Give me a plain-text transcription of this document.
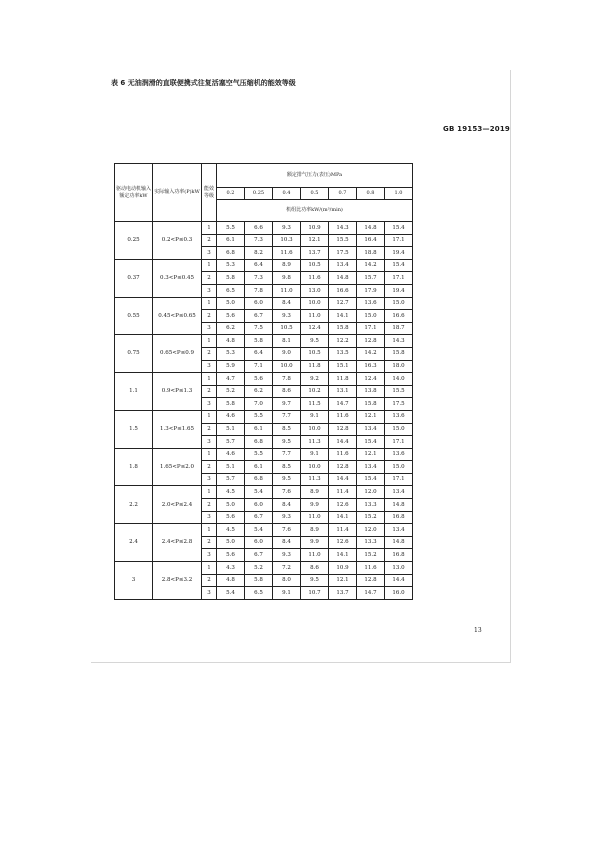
GB 19153—2019
表 6 无油润滑的直联便携式往复活塞空气压缩机的能效等级
驱动电动机输入额定功率kW	实际输入功率(P)kW	能效等级	额定排气压力(表压)MPa						
			0.2	0.25	0.4	0.5	0.7	0.8	1.0
			机组比功率kW/(m³/min)						
0.25	0.2<P≤0.3	1	5.5	6.6	9.3	10.9	14.3	14.8	15.4
		2	6.1	7.3	10.3	12.1	15.5	16.4	17.1
		3	6.8	8.2	11.6	13.7	17.5	18.8	19.4
0.37	0.3<P≤0.45	1	5.3	6.4	8.9	10.5	13.4	14.2	15.4
		2	5.8	7.3	9.8	11.6	14.8	15.7	17.1
		3	6.5	7.8	11.0	13.0	16.6	17.9	19.4
0.55	0.45<P≤0.65	1	5.0	6.0	8.4	10.0	12.7	13.6	15.0
		2	5.6	6.7	9.3	11.0	14.1	15.0	16.6
		3	6.2	7.5	10.5	12.4	15.8	17.1	18.7
0.75	0.65<P≤0.9	1	4.8	5.8	8.1	9.5	12.2	12.8	14.3
		2	5.3	6.4	9.0	10.5	13.5	14.2	15.8
		3	5.9	7.1	10.0	11.8	15.1	16.3	18.0
1.1	0.9<P≤1.3	1	4.7	5.6	7.8	9.2	11.8	12.4	14.0
		2	5.2	6.2	8.6	10.2	13.1	13.8	15.5
		3	5.8	7.0	9.7	11.5	14.7	15.8	17.5
1.5	1.3<P≤1.65	1	4.6	5.5	7.7	9.1	11.6	12.1	13.6
		2	5.1	6.1	8.5	10.0	12.8	13.4	15.0
		3	5.7	6.8	9.5	11.3	14.4	15.4	17.1
1.8	1.65<P≤2.0	1	4.6	5.5	7.7	9.1	11.6	12.1	13.6
		2	5.1	6.1	8.5	10.0	12.8	13.4	15.0
		3	5.7	6.8	9.5	11.3	14.4	15.4	17.1
2.2	2.0<P≤2.4	1	4.5	5.4	7.6	8.9	11.4	12.0	13.4
		2	5.0	6.0	8.4	9.9	12.6	13.3	14.8
		3	5.6	6.7	9.3	11.0	14.1	15.2	16.8
2.4	2.4<P≤2.8	1	4.5	5.4	7.6	8.9	11.4	12.0	13.4
		2	5.0	6.0	8.4	9.9	12.6	13.3	14.8
		3	5.6	6.7	9.3	11.0	14.1	15.2	16.8
3	2.8<P≤3.2	1	4.3	5.2	7.2	8.6	10.9	11.6	13.0
		2	4.8	5.8	8.0	9.5	12.1	12.8	14.4
		3	5.4	6.5	9.1	10.7	13.7	14.7	16.0
13
